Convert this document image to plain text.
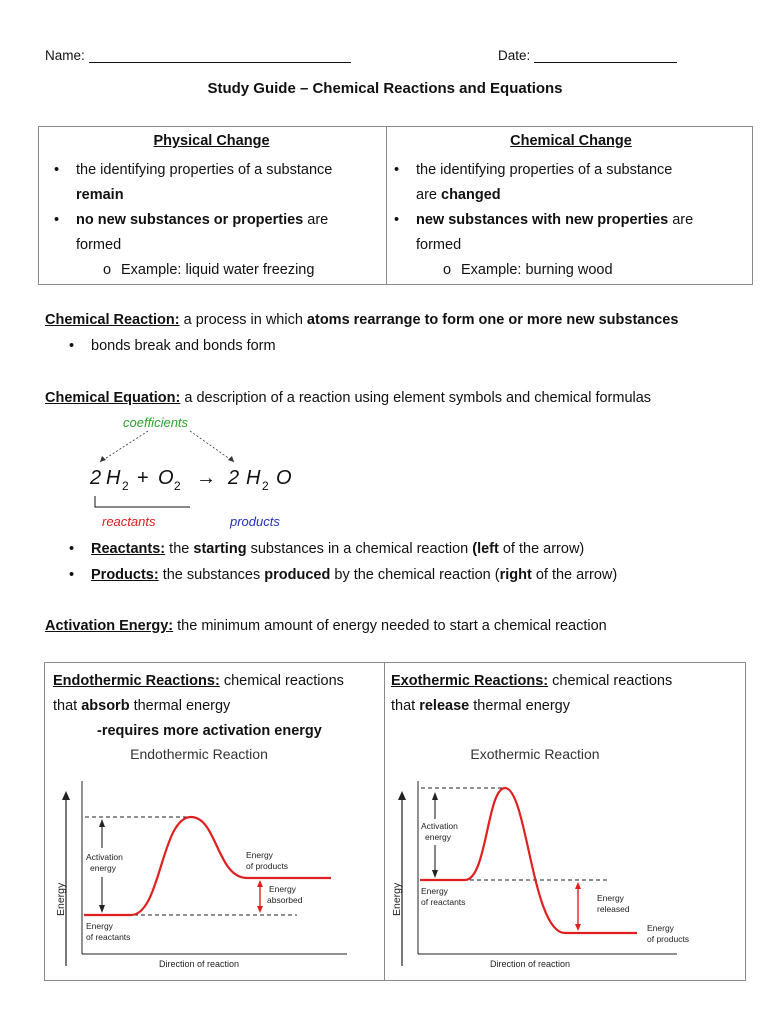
Name:	Date:
Study Guide – Chemical Reactions and Equations
Physical Change
• the identifying properties of a substance
remain
• no new substances or properties are
formed
o Example: liquid water freezing

Chemical Change
• the identifying properties of a substance
are changed
• new substances with new properties are
formed
o Example: burning wood
Chemical Reaction: a process in which atoms rearrange to form one or more new substances
• bonds break and bonds form
Chemical Equation: a description of a reaction using element symbols and chemical formulas
coefficients
2 H 2 + O 2 → 2 H 2 O
reactants	products
• Reactants: the starting substances in a chemical reaction (left of the arrow)
• Products: the substances produced by the chemical reaction (right of the arrow)
Activation Energy: the minimum amount of energy needed to start a chemical reaction
Endothermic Reactions: chemical reactions
that absorb thermal energy
-requires more activation energy
Endothermic Reaction
Energy
Direction of reaction
Activation
energy
Energy
of products
Energy
absorbed
Energy
of reactants

Exothermic Reactions: chemical reactions
that release thermal energy
Exothermic Reaction
Energy
Direction of reaction
Activation
energy
Energy
of reactants	Energy
released
Energy
of products
